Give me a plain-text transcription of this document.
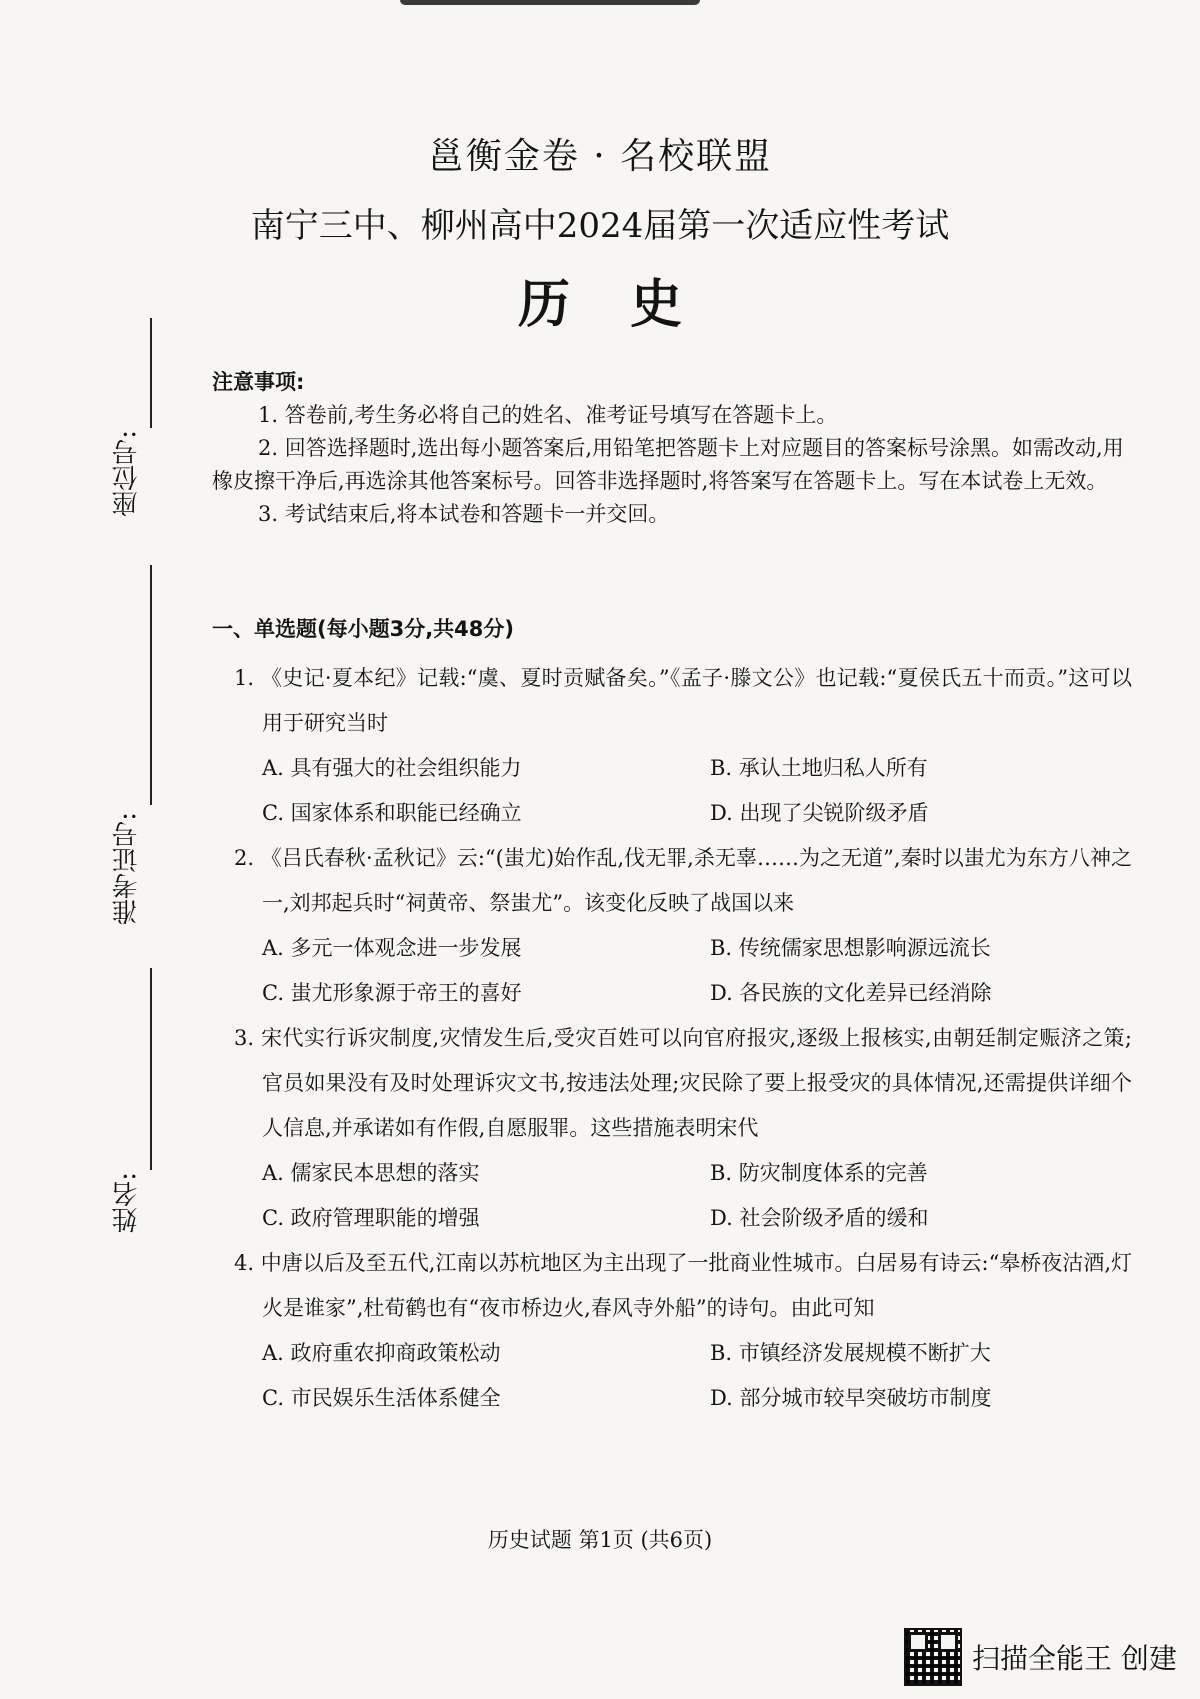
邕衡金卷 · 名校联盟
南宁三中、柳州高中2024届第一次适应性考试
历史
座位号:
准考证号:
姓名:
注意事项:
1. 答卷前,考生务必将自己的姓名、准考证号填写在答题卡上。
2. 回答选择题时,选出每小题答案后,用铅笔把答题卡上对应题目的答案标号涂黑。如需改动,用橡皮擦干净后,再选涂其他答案标号。回答非选择题时,将答案写在答题卡上。写在本试卷上无效。
3. 考试结束后,将本试卷和答题卡一并交回。
一、单选题(每小题3分,共48分)
1. 《史记·夏本纪》记载:“虞、夏时贡赋备矣。”《孟子·滕文公》也记载:“夏侯氏五十而贡。”这可以用于研究当时
A. 具有强大的社会组织能力	B. 承认土地归私人所有
C. 国家体系和职能已经确立	D. 出现了尖锐阶级矛盾
2. 《吕氏春秋·孟秋记》云:“(蚩尤)始作乱,伐无罪,杀无辜……为之无道”,秦时以蚩尤为东方八神之一,刘邦起兵时“祠黄帝、祭蚩尤”。该变化反映了战国以来
A. 多元一体观念进一步发展	B. 传统儒家思想影响源远流长
C. 蚩尤形象源于帝王的喜好	D. 各民族的文化差异已经消除
3. 宋代实行诉灾制度,灾情发生后,受灾百姓可以向官府报灾,逐级上报核实,由朝廷制定赈济之策;官员如果没有及时处理诉灾文书,按违法处理;灾民除了要上报受灾的具体情况,还需提供详细个人信息,并承诺如有作假,自愿服罪。这些措施表明宋代
A. 儒家民本思想的落实	B. 防灾制度体系的完善
C. 政府管理职能的增强	D. 社会阶级矛盾的缓和
4. 中唐以后及至五代,江南以苏杭地区为主出现了一批商业性城市。白居易有诗云:“皋桥夜沽酒,灯火是谁家”,杜荀鹤也有“夜市桥边火,春风寺外船”的诗句。由此可知
A. 政府重农抑商政策松动	B. 市镇经济发展规模不断扩大
C. 市民娱乐生活体系健全	D. 部分城市较早突破坊市制度
历史试题 第1页 (共6页)
扫描全能王 创建
